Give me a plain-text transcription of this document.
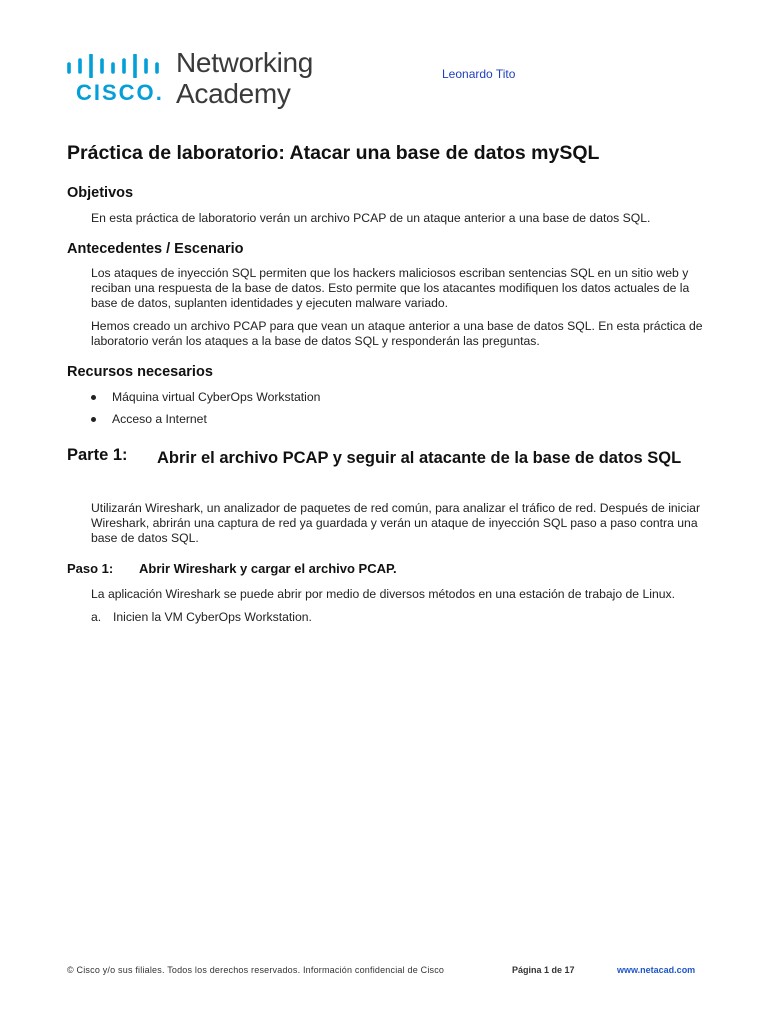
CISCO.
Networking
Academy
Leonardo Tito
Práctica de laboratorio: Atacar una base de datos mySQL
Objetivos

En esta práctica de laboratorio verán un archivo PCAP de un ataque anterior a una base de datos SQL.

Antecedentes / Escenario

Los ataques de inyección SQL permiten que los hackers maliciosos escriban sentencias SQL en un sitio web y reciban una respuesta de la base de datos. Esto permite que los atacantes modifiquen los datos actuales de la base de datos, suplanten identidades y ejecuten malware variado.

Hemos creado un archivo PCAP para que vean un ataque anterior a una base de datos SQL. En esta práctica de laboratorio verán los ataques a la base de datos SQL y responderán las preguntas.

Recursos necesarios
Máquina virtual CyberOps Workstation
Acceso a Internet
Parte 1: Abrir el archivo PCAP y seguir al atacante de la base de datos SQL

Utilizarán Wireshark, un analizador de paquetes de red común, para analizar el tráfico de red. Después de iniciar Wireshark, abrirán una captura de red ya guardada y verán un ataque de inyección SQL paso a paso contra una base de datos SQL.

Paso 1: Abrir Wireshark y cargar el archivo PCAP.

La aplicación Wireshark se puede abrir por medio de diversos métodos en una estación de trabajo de Linux.

a. Inicien la VM CyberOps Workstation.
© Cisco y/o sus filiales. Todos los derechos reservados. Información confidencial de Cisco	Página 1 de 17	www.netacad.com
